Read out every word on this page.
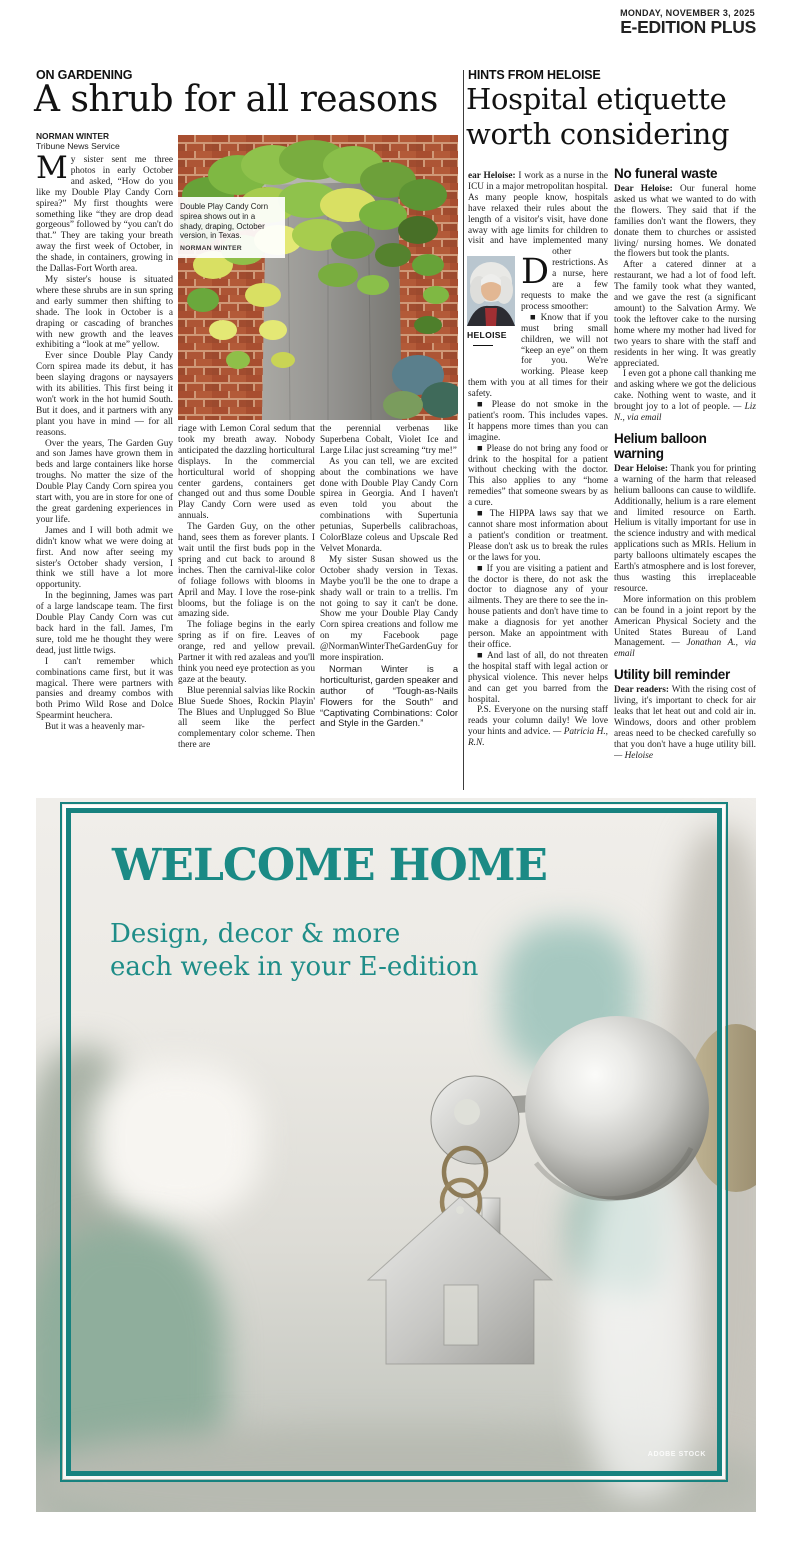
MONDAY, NOVEMBER 3, 2025
E-EDITION PLUS
ON GARDENING
A shrub for all reasons
NORMAN WINTER
Tribune News Service
Double Play Candy Corn spirea shows out in a shady, draping, October version, in Texas.
NORMAN WINTER

My sister sent me three photos in early October and asked, “How do you like my Double Play Candy Corn spirea?” My first thoughts were something like “they are drop dead gorgeous” followed by “you can't do that.” They are taking your breath away the first week of October, in the shade, in containers, growing in the Dallas-Fort Worth area.

My sister's house is situated where these shrubs are in sun spring and early summer then shifting to shade. The look in October is a draping or cascading of branches with new growth and the leaves exhibiting a “look at me” yellow.

Ever since Double Play Candy Corn spirea made its debut, it has been slaying dragons or naysayers with its abilities. This first being it won't work in the hot humid South. But it does, and it partners with any plant you have in mind — for all reasons.

Over the years, The Garden Guy and son James have grown them in beds and large containers like horse troughs. No matter the size of the Double Play Candy Corn spirea you start with, you are in store for one of the great gardening experiences in your life.

James and I will both admit we didn't know what we were doing at first. And now after seeing my sister's October shady version, I think we still have a lot more opportunity.

In the beginning, James was part of a large landscape team. The first Double Play Candy Corn was cut back hard in the fall. James, I'm sure, told me he thought they were dead, just little twigs.

I can't remember which combinations came first, but it was magical. There were partners with pansies and dreamy combos with both Primo Wild Rose and Dolce Spearmint heuchera.

But it was a heavenly mar-

riage with Lemon Coral sedum that took my breath away. Nobody anticipated the dazzling horticultural displays. In the commercial horticultural world of shopping center gardens, containers get changed out and thus some Double Play Candy Corn were used as annuals.

The Garden Guy, on the other hand, sees them as forever plants. I wait until the first buds pop in the spring and cut back to around 8 inches. Then the carnival-like color of foliage follows with blooms in April and May. I love the rose-pink blooms, but the foliage is on the amazing side.

The foliage begins in the early spring as if on fire. Leaves of orange, red and yellow prevail. Partner it with red azaleas and you'll think you need eye protection as you gaze at the beauty.

Blue perennial salvias like Rockin Blue Suede Shoes, Rockin Playin' The Blues and Unplugged So Blue all seem like the perfect complementary color scheme. Then there are

the perennial verbenas like Superbena Cobalt, Violet Ice and Large Lilac just screaming “try me!”

As you can tell, we are excited about the combinations we have done with Double Play Candy Corn spirea in Georgia. And I haven't even told you about the combinations with Supertunia petunias, Superbells calibrachoas, ColorBlaze coleus and Upscale Red Velvet Monarda.

My sister Susan showed us the October shady version in Texas. Maybe you'll be the one to drape a shady wall or train to a trellis. I'm not going to say it can't be done. Show me your Double Play Candy Corn spirea creations and follow me on my Facebook page @NormanWinterTheGardenGuy for more inspiration.

Norman Winter is a horticulturist, garden speaker and author of “Tough-as-Nails Flowers for the South” and “Captivating Combinations: Color and Style in the Garden.”

HINTS FROM HELOISE
Hospital etiquette
worth considering

D
ear Heloise: I work as a nurse in the ICU in a major metropolitan hospital. As many people know, hospitals have relaxed their rules about the length of a visitor's visit, have done away with age limits for children to visit and have implemented many other restrictions. As a nurse, here are a few requests to make the process smoother:

■ Know that if you must bring small children, we will not “keep an eye” on them for you. We're working. Please keep them with you at all times for their safety.

■ Please do not smoke in the patient's room. This includes vapes. It happens more times than you can imagine.

■ Please do not bring any food or drink to the hospital for a patient without checking with the doctor. This also applies to any “home remedies” that someone swears by as a cure.

■ The HIPPA laws say that we cannot share most information about a patient's condition or treatment. Please don't ask us to break the rules or the laws for you.

■ If you are visiting a patient and the doctor is there, do not ask the doctor to diagnose any of your ailments. They are there to see the in-house patients and don't have time to make a diagnosis for yet another person. Make an appointment with their office.

■ And last of all, do not threaten the hospital staff with legal action or physical violence. This never helps and can get you barred from the hospital.

P.S. Everyone on the nursing staff reads your column daily! We love your hints and advice. — Patricia H., R.N.

HELOISE
No funeral waste

Dear Heloise: Our funeral home asked us what we wanted to do with the flowers. They said that if the families don't want the flowers, they donate them to churches or assisted living/ nursing homes. We donated the flowers but took the plants.

After a catered dinner at a restaurant, we had a lot of food left. The family took what they wanted, and we gave the rest (a significant amount) to the Salvation Army. We took the leftover cake to the nursing home where my mother had lived for two years to share with the staff and residents in her wing. It was greatly appreciated.

I even got a phone call thanking me and asking where we got the delicious cake. Nothing went to waste, and it brought joy to a lot of people. — Liz N., via email

Helium balloon warning

Dear Heloise: Thank you for printing a warning of the harm that released helium balloons can cause to wildlife. Additionally, helium is a rare element and limited resource on Earth. Helium is vitally important for use in the science industry and with medical applications such as MRIs. Helium in party balloons ultimately escapes the Earth's atmosphere and is lost forever, thus wasting this irreplaceable resource.

More information on this problem can be found in a joint report by the American Physical Society and the United States Bureau of Land Management. — Jonathan A., via email

Utility bill reminder

Dear readers: With the rising cost of living, it's important to check for air leaks that let heat out and cold air in. Windows, doors and other problem areas need to be checked carefully so that you don't have a huge utility bill. — Heloise

WELCOME HOME
Design, decor & more
each week in your E-edition
ADOBE STOCK
